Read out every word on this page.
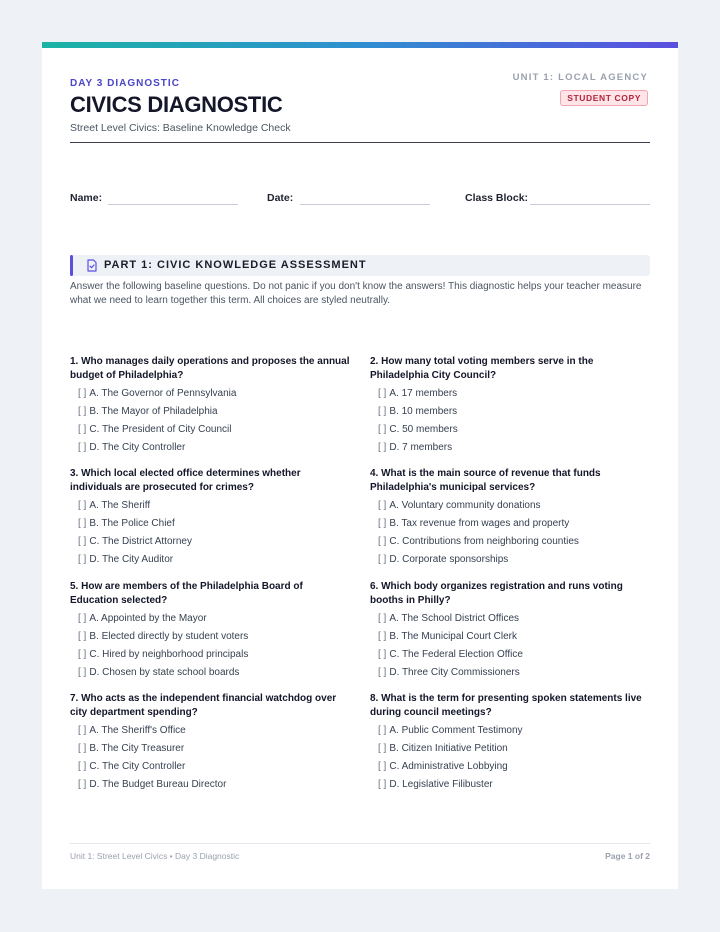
DAY 3 DIAGNOSTIC
CIVICS DIAGNOSTIC
Street Level Civics: Baseline Knowledge Check
UNIT 1: LOCAL AGENCY
STUDENT COPY
Name:	Date:	Class Block:
PART 1: CIVIC KNOWLEDGE ASSESSMENT
Answer the following baseline questions. Do not panic if you don't know the answers! This diagnostic helps your teacher measure what we need to learn together this term. All choices are styled neutrally.
1. Who manages daily operations and proposes the annual budget of Philadelphia?
[ ] A. The Governor of Pennsylvania
[ ] B. The Mayor of Philadelphia
[ ] C. The President of City Council
[ ] D. The City Controller
2. How many total voting members serve in the Philadelphia City Council?
[ ] A. 17 members
[ ] B. 10 members
[ ] C. 50 members
[ ] D. 7 members
3. Which local elected office determines whether individuals are prosecuted for crimes?
[ ] A. The Sheriff
[ ] B. The Police Chief
[ ] C. The District Attorney
[ ] D. The City Auditor
4. What is the main source of revenue that funds Philadelphia's municipal services?
[ ] A. Voluntary community donations
[ ] B. Tax revenue from wages and property
[ ] C. Contributions from neighboring counties
[ ] D. Corporate sponsorships
5. How are members of the Philadelphia Board of Education selected?
[ ] A. Appointed by the Mayor
[ ] B. Elected directly by student voters
[ ] C. Hired by neighborhood principals
[ ] D. Chosen by state school boards
6. Which body organizes registration and runs voting booths in Philly?
[ ] A. The School District Offices
[ ] B. The Municipal Court Clerk
[ ] C. The Federal Election Office
[ ] D. Three City Commissioners
7. Who acts as the independent financial watchdog over city department spending?
[ ] A. The Sheriff's Office
[ ] B. The City Treasurer
[ ] C. The City Controller
[ ] D. The Budget Bureau Director
8. What is the term for presenting spoken statements live during council meetings?
[ ] A. Public Comment Testimony
[ ] B. Citizen Initiative Petition
[ ] C. Administrative Lobbying
[ ] D. Legislative Filibuster
Unit 1: Street Level Civics • Day 3 Diagnostic	Page 1 of 2
